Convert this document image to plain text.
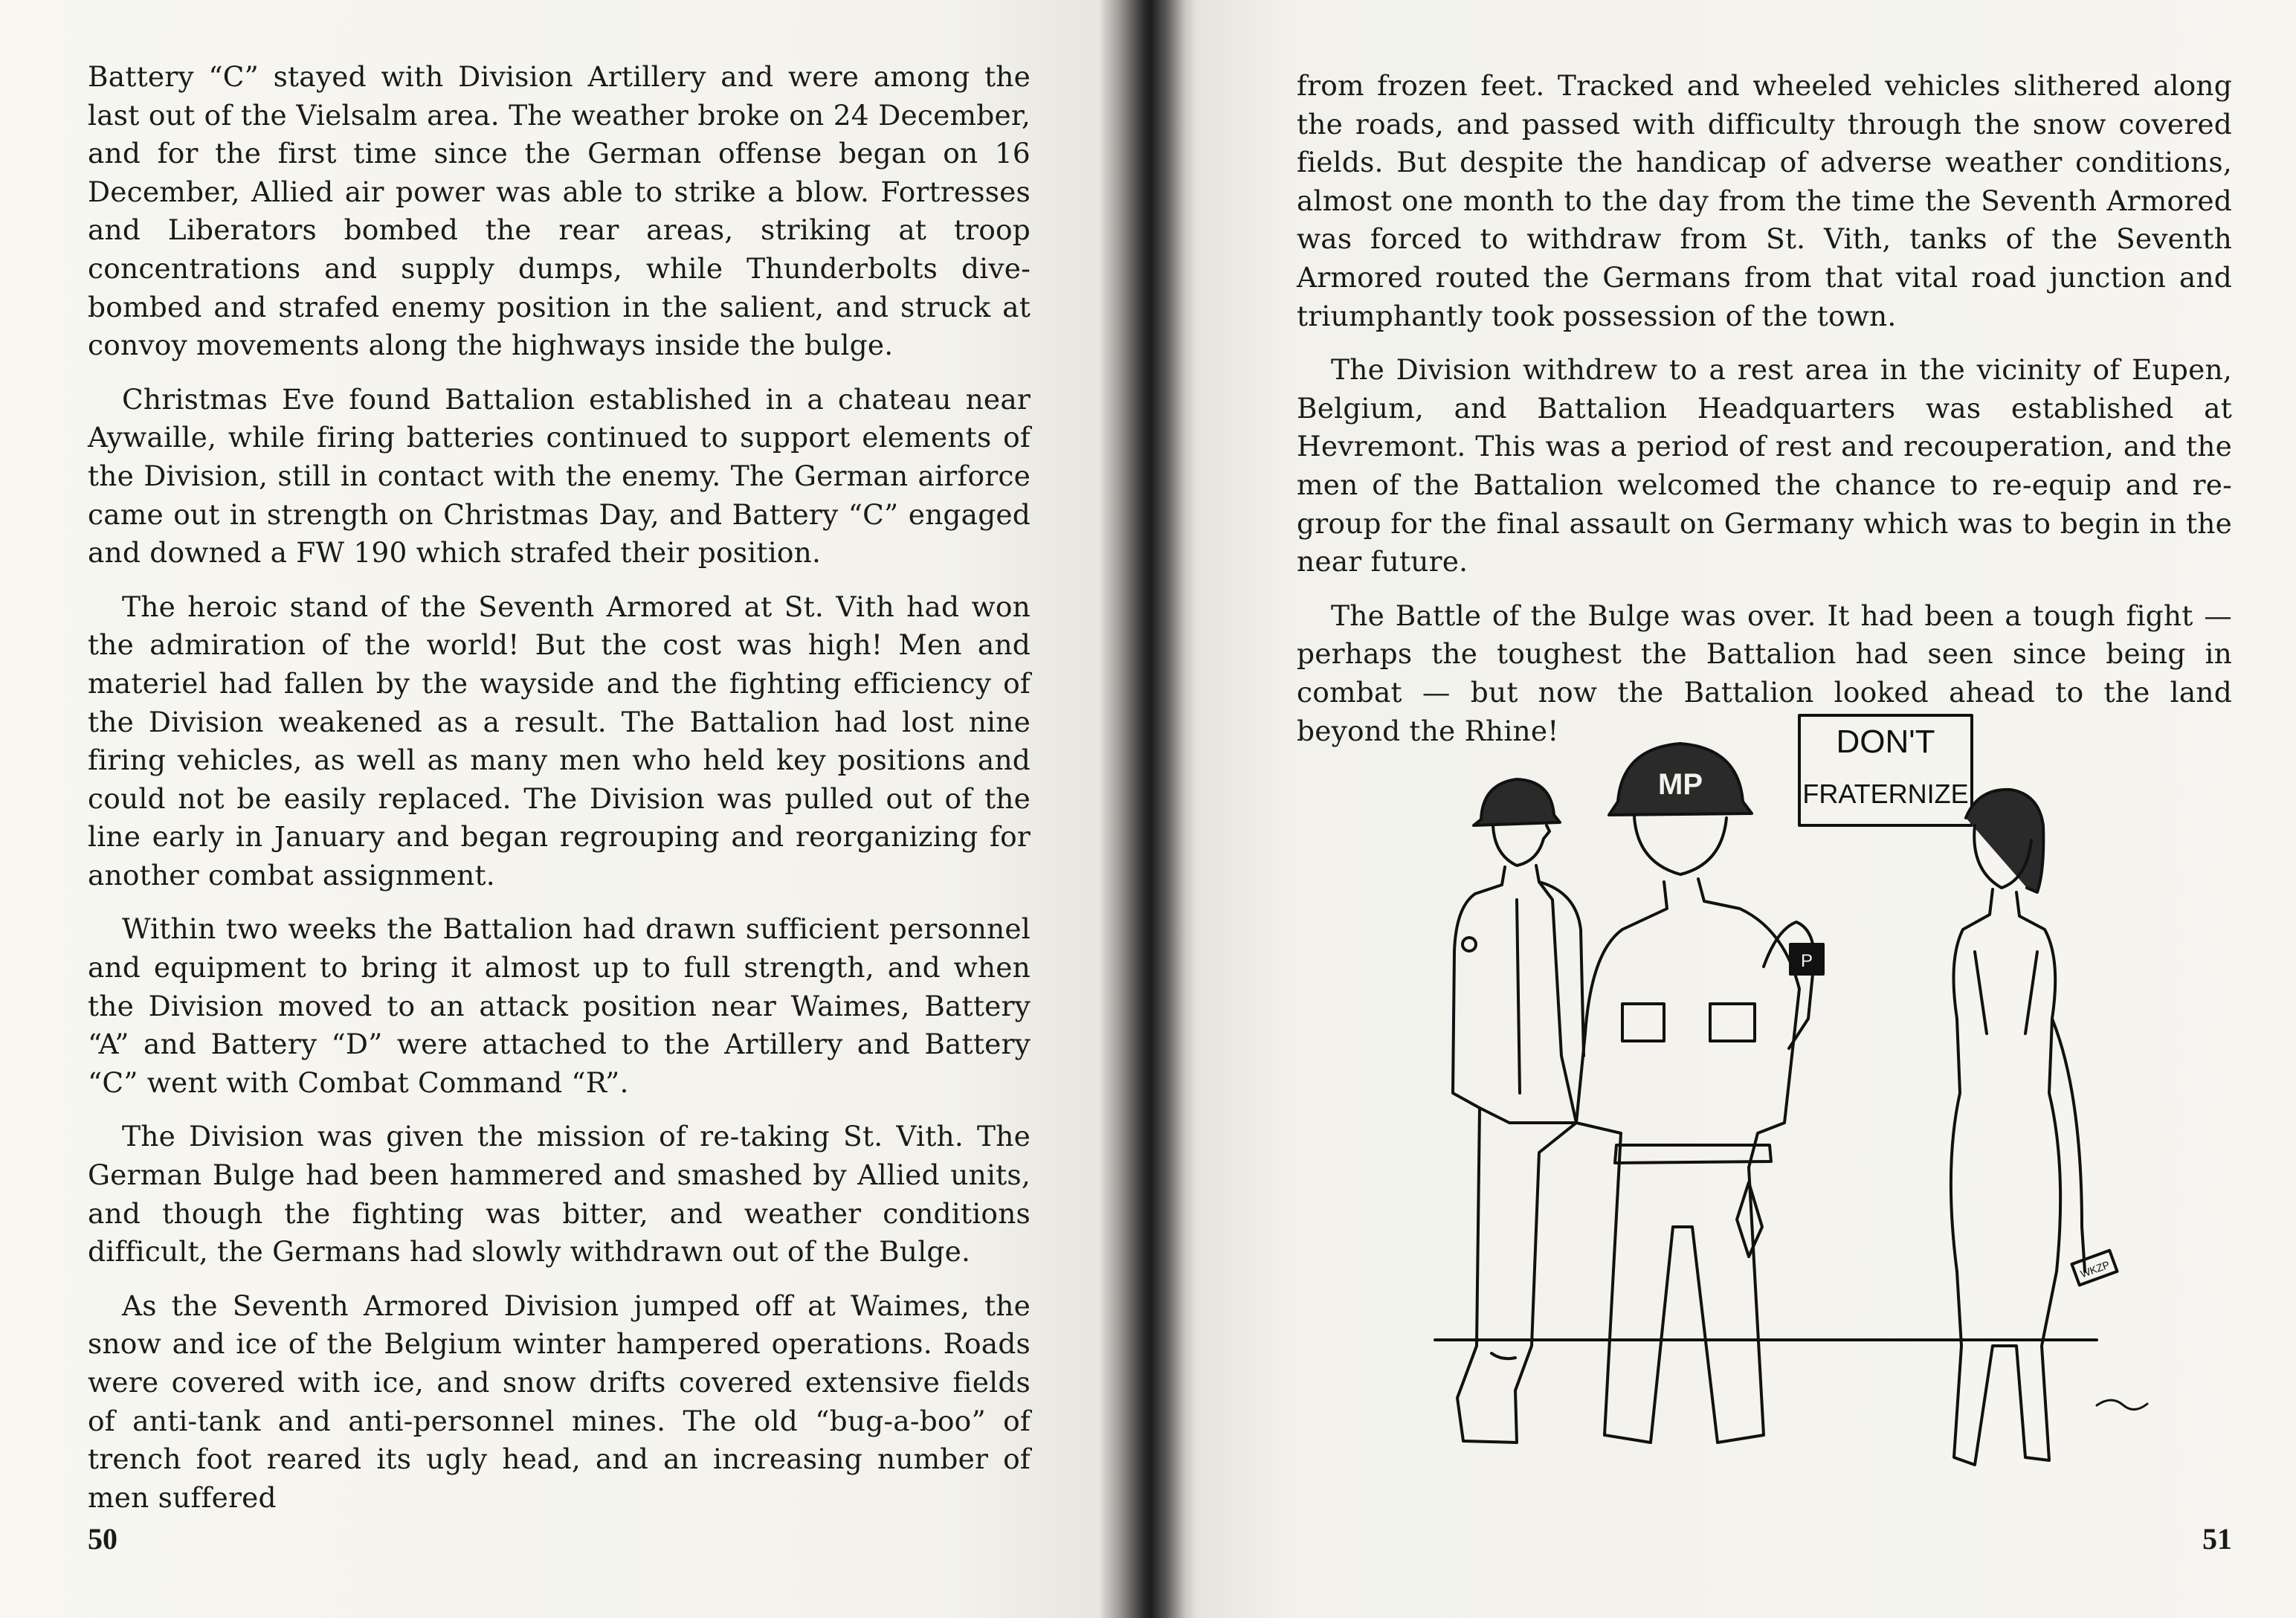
Battery “C” stayed with Division Artillery and were among the last out of the Vielsalm area. The weather broke on 24 December, and for the first time since the German offense began on 16 December, Allied air power was able to strike a blow. Fortresses and Liberators bombed the rear areas, striking at troop concentrations and supply dumps, while Thunderbolts dive-bombed and strafed enemy position in the salient, and struck at convoy movements along the highways inside the bulge.

Christmas Eve found Battalion established in a chateau near Aywaille, while firing batteries continued to support elements of the Division, still in contact with the enemy. The German airforce came out in strength on Christmas Day, and Battery “C” engaged and downed a FW 190 which strafed their position.

The heroic stand of the Seventh Armored at St. Vith had won the admiration of the world! But the cost was high! Men and materiel had fallen by the wayside and the fighting efficiency of the Division weakened as a result. The Battalion had lost nine firing vehicles, as well as many men who held key positions and could not be easily replaced. The Division was pulled out of the line early in January and began regrouping and reorganizing for another combat assignment.

Within two weeks the Battalion had drawn sufficient personnel and equipment to bring it almost up to full strength, and when the Division moved to an attack position near Waimes, Battery “A” and Battery “D” were attached to the Artillery and Battery “C” went with Combat Command “R”.

The Division was given the mission of re-taking St. Vith. The German Bulge had been hammered and smashed by Allied units, and though the fighting was bitter, and weather conditions difficult, the Germans had slowly withdrawn out of the Bulge.

As the Seventh Armored Division jumped off at Waimes, the snow and ice of the Belgium winter hampered operations. Roads were covered with ice, and snow drifts covered extensive fields of anti-tank and anti-personnel mines. The old “bug-a-boo” of trench foot reared its ugly head, and an increasing number of men suffered

50

from frozen feet. Tracked and wheeled vehicles slithered along the roads, and passed with difficulty through the snow covered fields. But despite the handicap of adverse weather conditions, almost one month to the day from the time the Seventh Armored was forced to withdraw from St. Vith, tanks of the Seventh Armored routed the Germans from that vital road junction and triumphantly took possession of the town.

The Division withdrew to a rest area in the vicinity of Eupen, Belgium, and Battalion Headquarters was established at Hevremont. This was a period of rest and recouperation, and the men of the Battalion welcomed the chance to re-equip and re-group for the final assault on Germany which was to begin in the near future.

The Battle of the Bulge was over. It had been a tough fight — perhaps the toughest the Battalion had seen since being in combat — but now the Battalion looked ahead to the land beyond the Rhine!

51
DON'T
FRATERNIZE
MP
P
WKZP
